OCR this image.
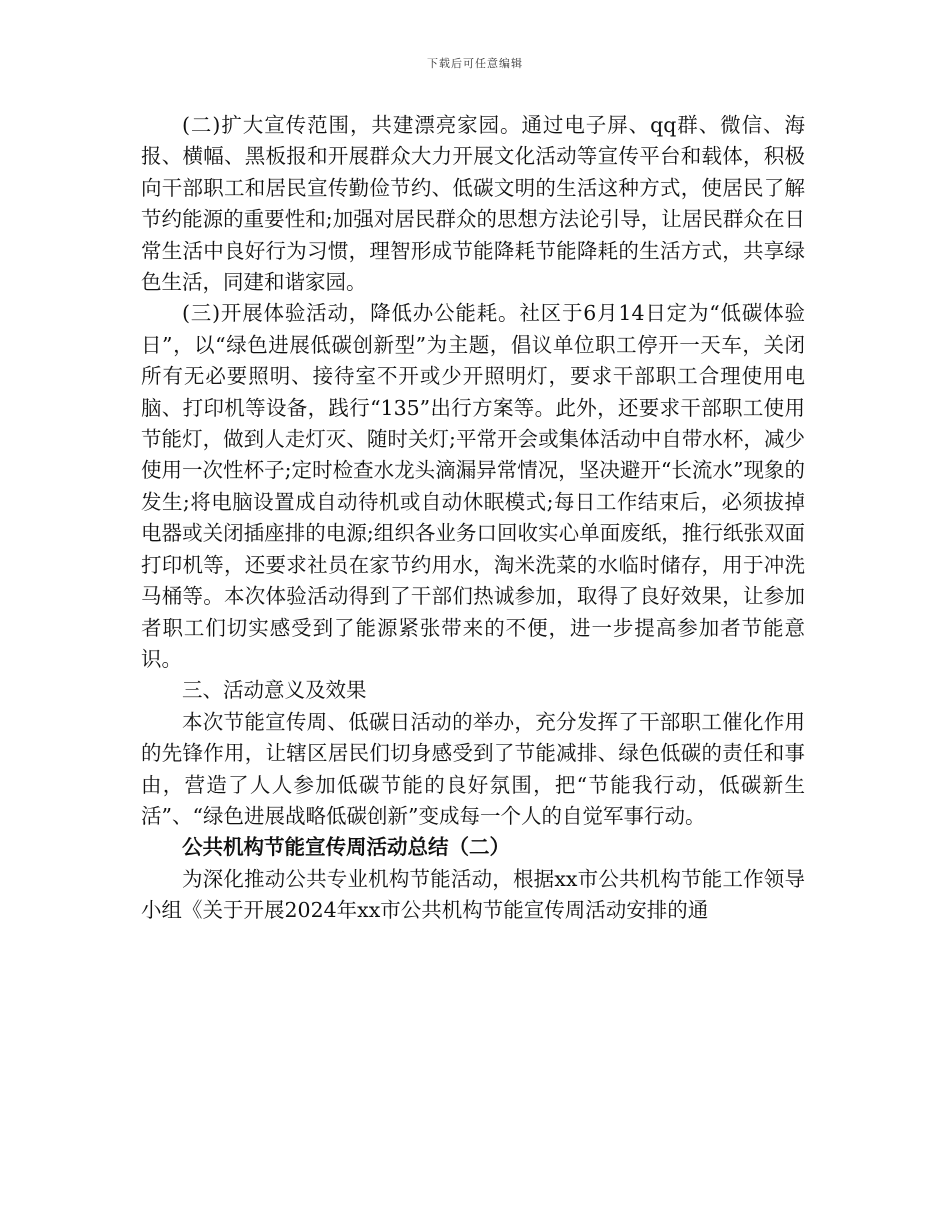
下载后可任意编辑

(二)扩大宣传范围，共建漂亮家园。通过电子屏、qq群、微信、海报、横幅、黑板报和开展群众大力开展文化活动等宣传平台和载体，积极向干部职工和居民宣传勤俭节约、低碳文明的生活这种方式，使居民了解节约能源的重要性和;加强对居民群众的思想方法论引导，让居民群众在日常生活中良好行为习惯，理智形成节能降耗节能降耗的生活方式，共享绿色生活，同建和谐家园。

(三)开展体验活动，降低办公能耗。社区于6月14日定为“低碳体验日”，以“绿色进展低碳创新型”为主题，倡议单位职工停开一天车，关闭所有无必要照明、接待室不开或少开照明灯，要求干部职工合理使用电脑、打印机等设备，践行“135”出行方案等。此外，还要求干部职工使用节能灯，做到人走灯灭、随时关灯;平常开会或集体活动中自带水杯，减少使用一次性杯子;定时检查水龙头滴漏异常情况，坚决避开“长流水”现象的发生;将电脑设置成自动待机或自动休眠模式;每日工作结束后，必须拔掉电器或关闭插座排的电源;组织各业务口回收实心单面废纸，推行纸张双面打印机等，还要求社员在家节约用水，淘米洗菜的水临时储存，用于冲洗马桶等。本次体验活动得到了干部们热诚参加，取得了良好效果，让参加者职工们切实感受到了能源紧张带来的不便，进一步提高参加者节能意识。

三、活动意义及效果

本次节能宣传周、低碳日活动的举办，充分发挥了干部职工催化作用的先锋作用，让辖区居民们切身感受到了节能减排、绿色低碳的责任和事由，营造了人人参加低碳节能的良好氛围，把“节能我行动，低碳新生活”、“绿色进展战略低碳创新”变成每一个人的自觉军事行动。

公共机构节能宣传周活动总结（二）

为深化推动公共专业机构节能活动，根据xx市公共机构节能工作领导小组《关于开展2024年xx市公共机构节能宣传周活动安排的通
